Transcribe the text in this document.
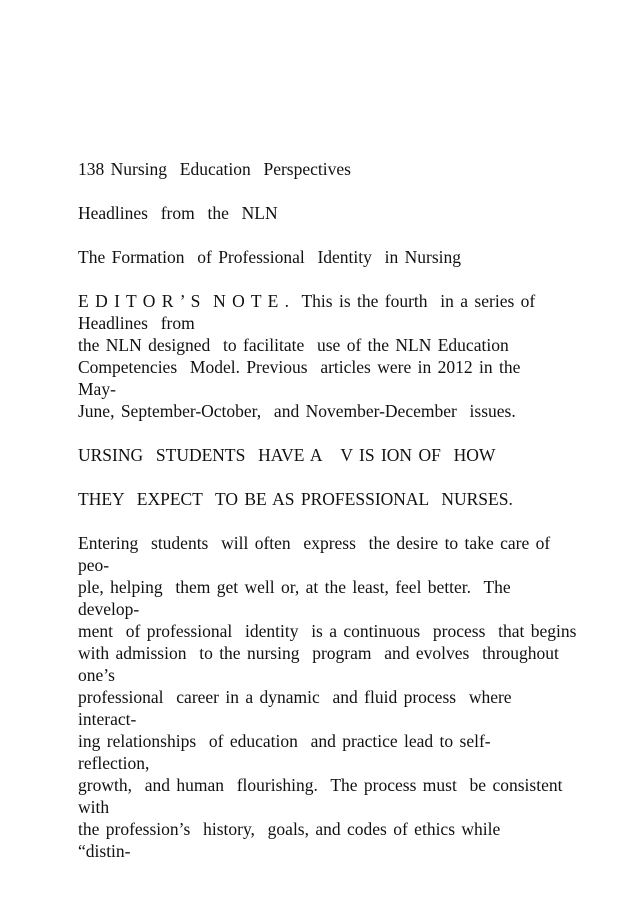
138 Nursing  Education  Perspectives
Headlines  from  the  NLN
The Formation  of Professional  Identity  in Nursing
E D I T O R ’ S  N O T E .  This is the fourth  in a series of
Headlines  from
the NLN designed  to facilitate  use of the NLN Education
Competencies  Model. Previous  articles were in 2012 in the
May-
June, September-October,  and November-December  issues.
URSING  STUDENTS  HAVE A   V IS ION OF  HOW
THEY  EXPECT  TO BE AS PROFESSIONAL  NURSES.
Entering  students  will often  express  the desire to take care of
peo-
ple, helping  them get well or, at the least, feel better.  The
develop-
ment  of professional  identity  is a continuous  process  that begins
with admission  to the nursing  program  and evolves  throughout
one’s
professional  career in a dynamic  and fluid process  where
interact-
ing relationships  of education  and practice lead to self-
reflection,
growth,  and human  flourishing.  The process must  be consistent
with
the profession’s  history,  goals, and codes of ethics while
“distin-
